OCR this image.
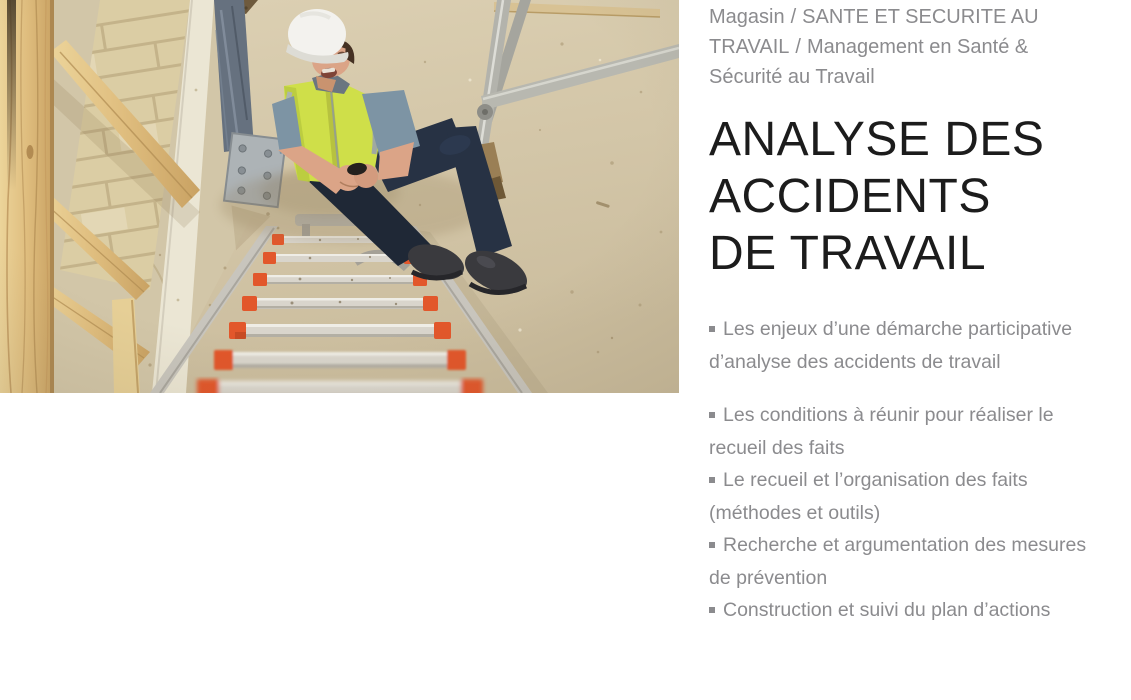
Magasin / SANTE ET SECURITE AU TRAVAIL / Management en Santé & Sécurité au Travail
ANALYSE DES
ACCIDENTS
DE TRAVAIL

Les enjeux d’une démarche participative d’analyse des accidents de travail

Les conditions à réunir pour réaliser le recueil des faits

Le recueil et l’organisation des faits (méthodes et outils)

Recherche et argumentation des mesures de prévention

Construction et suivi du plan d’actions
